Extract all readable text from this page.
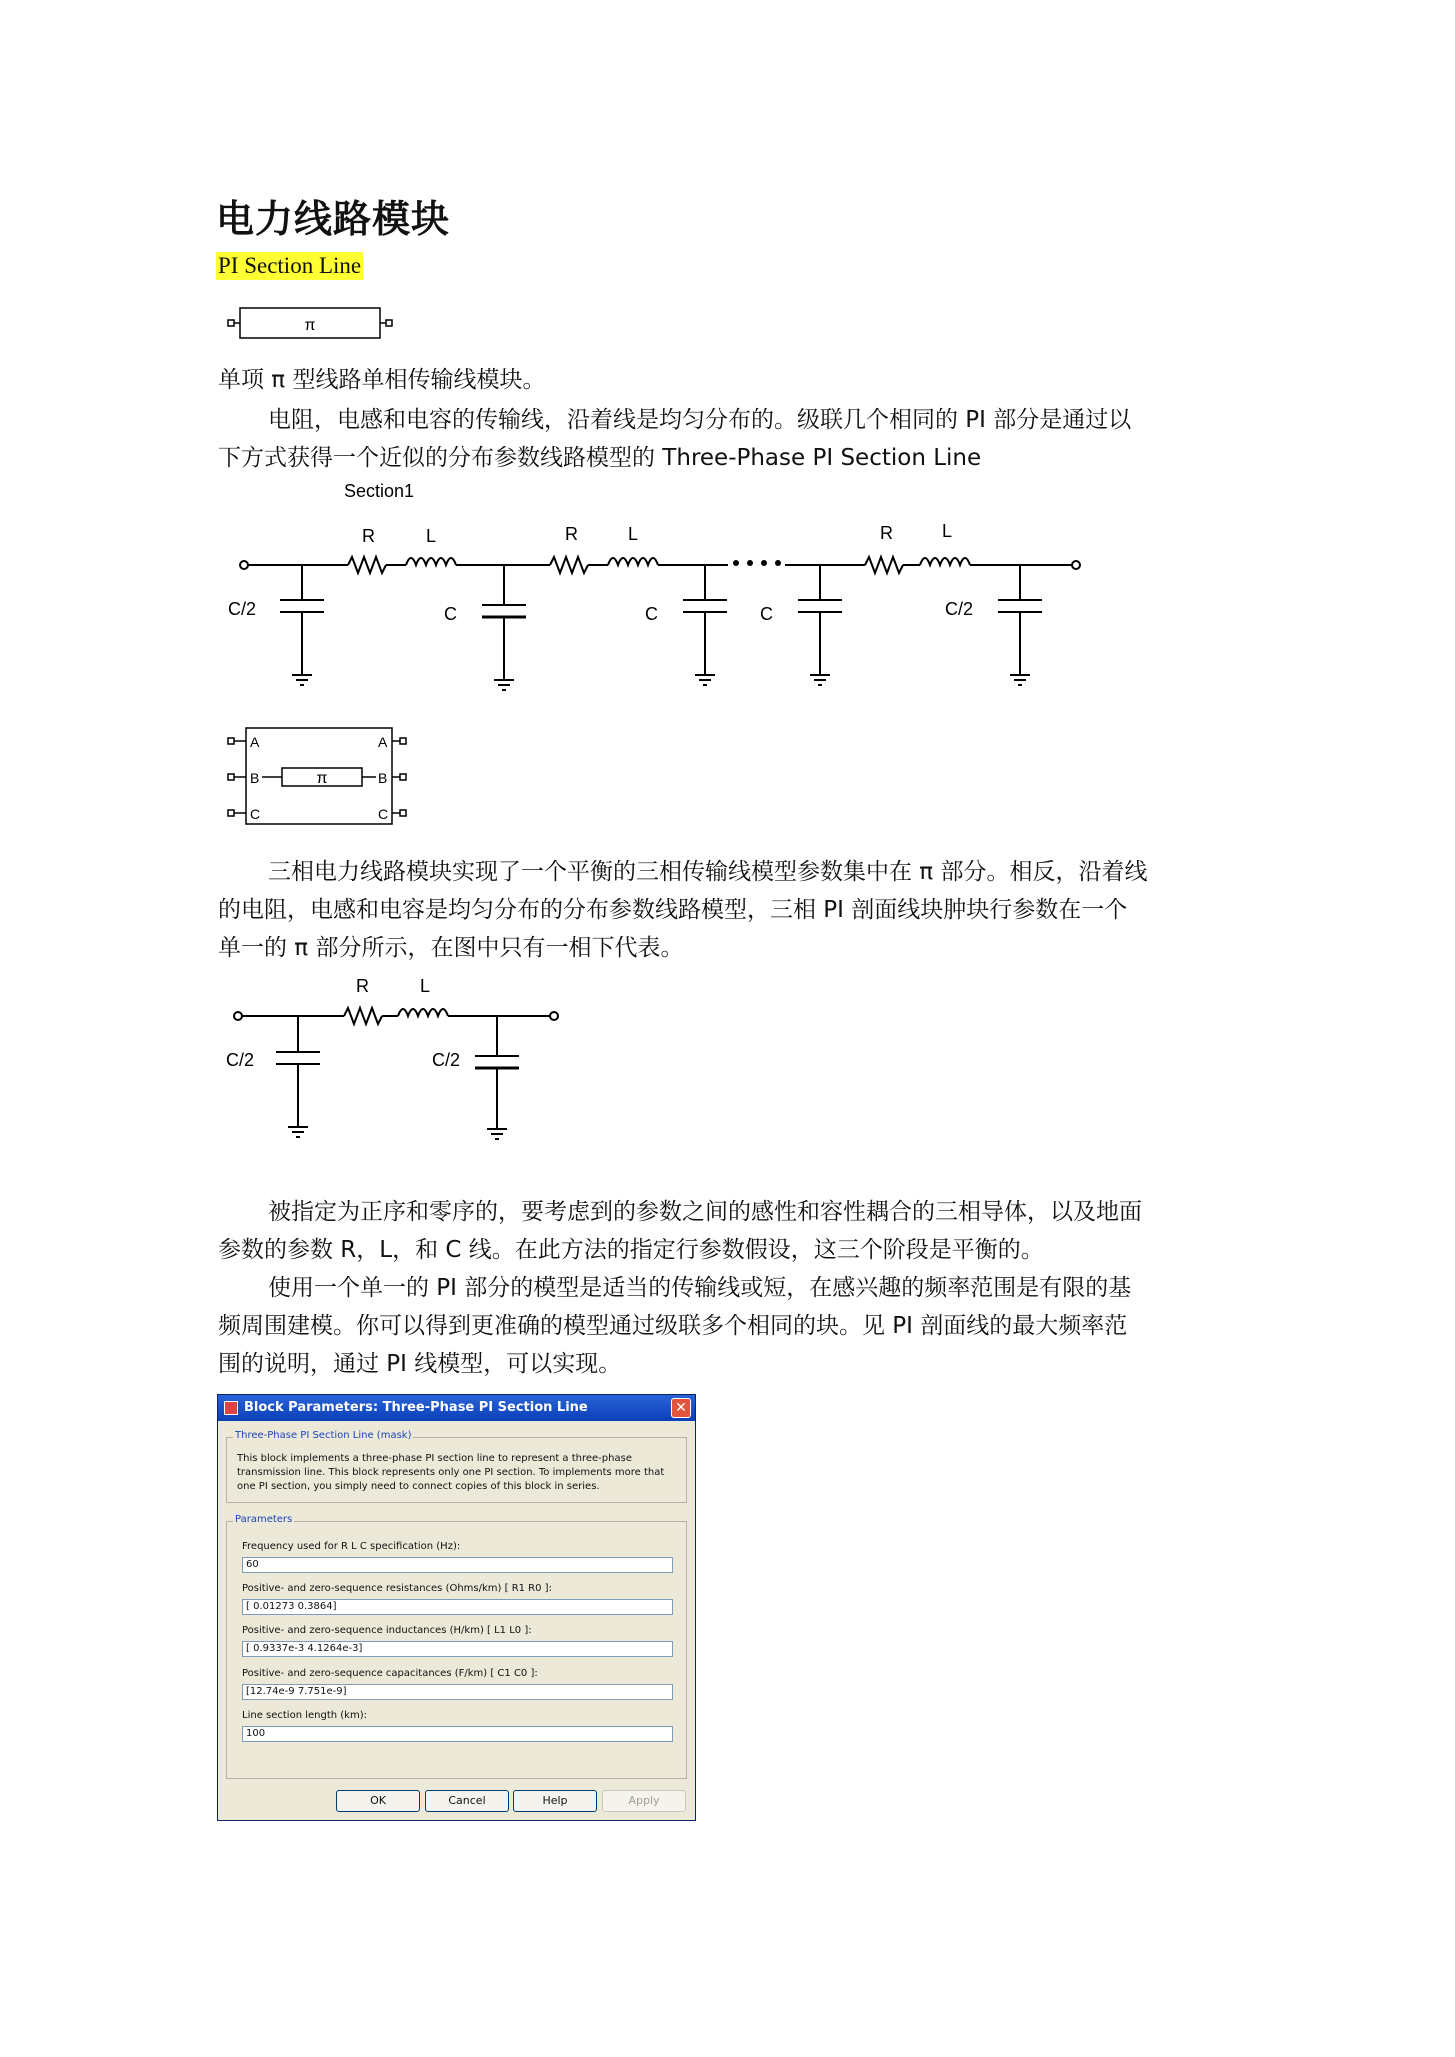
电力线路模块
PI Section Line
π
单项 π 型线路单相传输线模块。
电阻，电感和电容的传输线，沿着线是均匀分布的。级联几个相同的 PI 部分是通过以
下方式获得一个近似的分布参数线路模型的 Three-Phase PI Section Line
Section1
R	L	R	L	R	L
C/2	C	C	C	C/2
A
B
C
A
B
C
π
三相电力线路模块实现了一个平衡的三相传输线模型参数集中在 π 部分。相反，沿着线
的电阻，电感和电容是均匀分布的分布参数线路模型，三相 PI 剖面线块肿块行参数在一个
单一的 π 部分所示，在图中只有一相下代表。
R	L
C/2	C/2
被指定为正序和零序的，要考虑到的参数之间的感性和容性耦合的三相导体，以及地面
参数的参数 R，L，和 C 线。在此方法的指定行参数假设，这三个阶段是平衡的。
使用一个单一的 PI 部分的模型是适当的传输线或短，在感兴趣的频率范围是有限的基
频周围建模。你可以得到更准确的模型通过级联多个相同的块。见 PI 剖面线的最大频率范
围的说明，通过 PI 线模型，可以实现。
Block Parameters: Three-Phase PI Section Line	✕
Three-Phase PI Section Line (mask)
This block implements a three-phase PI section line to represent a three-phase
transmission line. This block represents only one PI section. To implements more that
one PI section, you simply need to connect copies of this block in series.
Parameters
Frequency used for R L C specification (Hz):
60
Positive- and zero-sequence resistances (Ohms/km) [ R1 R0 ]:
[ 0.01273 0.3864]
Positive- and zero-sequence inductances (H/km) [ L1 L0 ]:
[ 0.9337e-3 4.1264e-3]
Positive- and zero-sequence capacitances (F/km) [ C1 C0 ]:
[12.74e-9 7.751e-9]
Line section length (km):
100
OK	Cancel	Help	Apply
